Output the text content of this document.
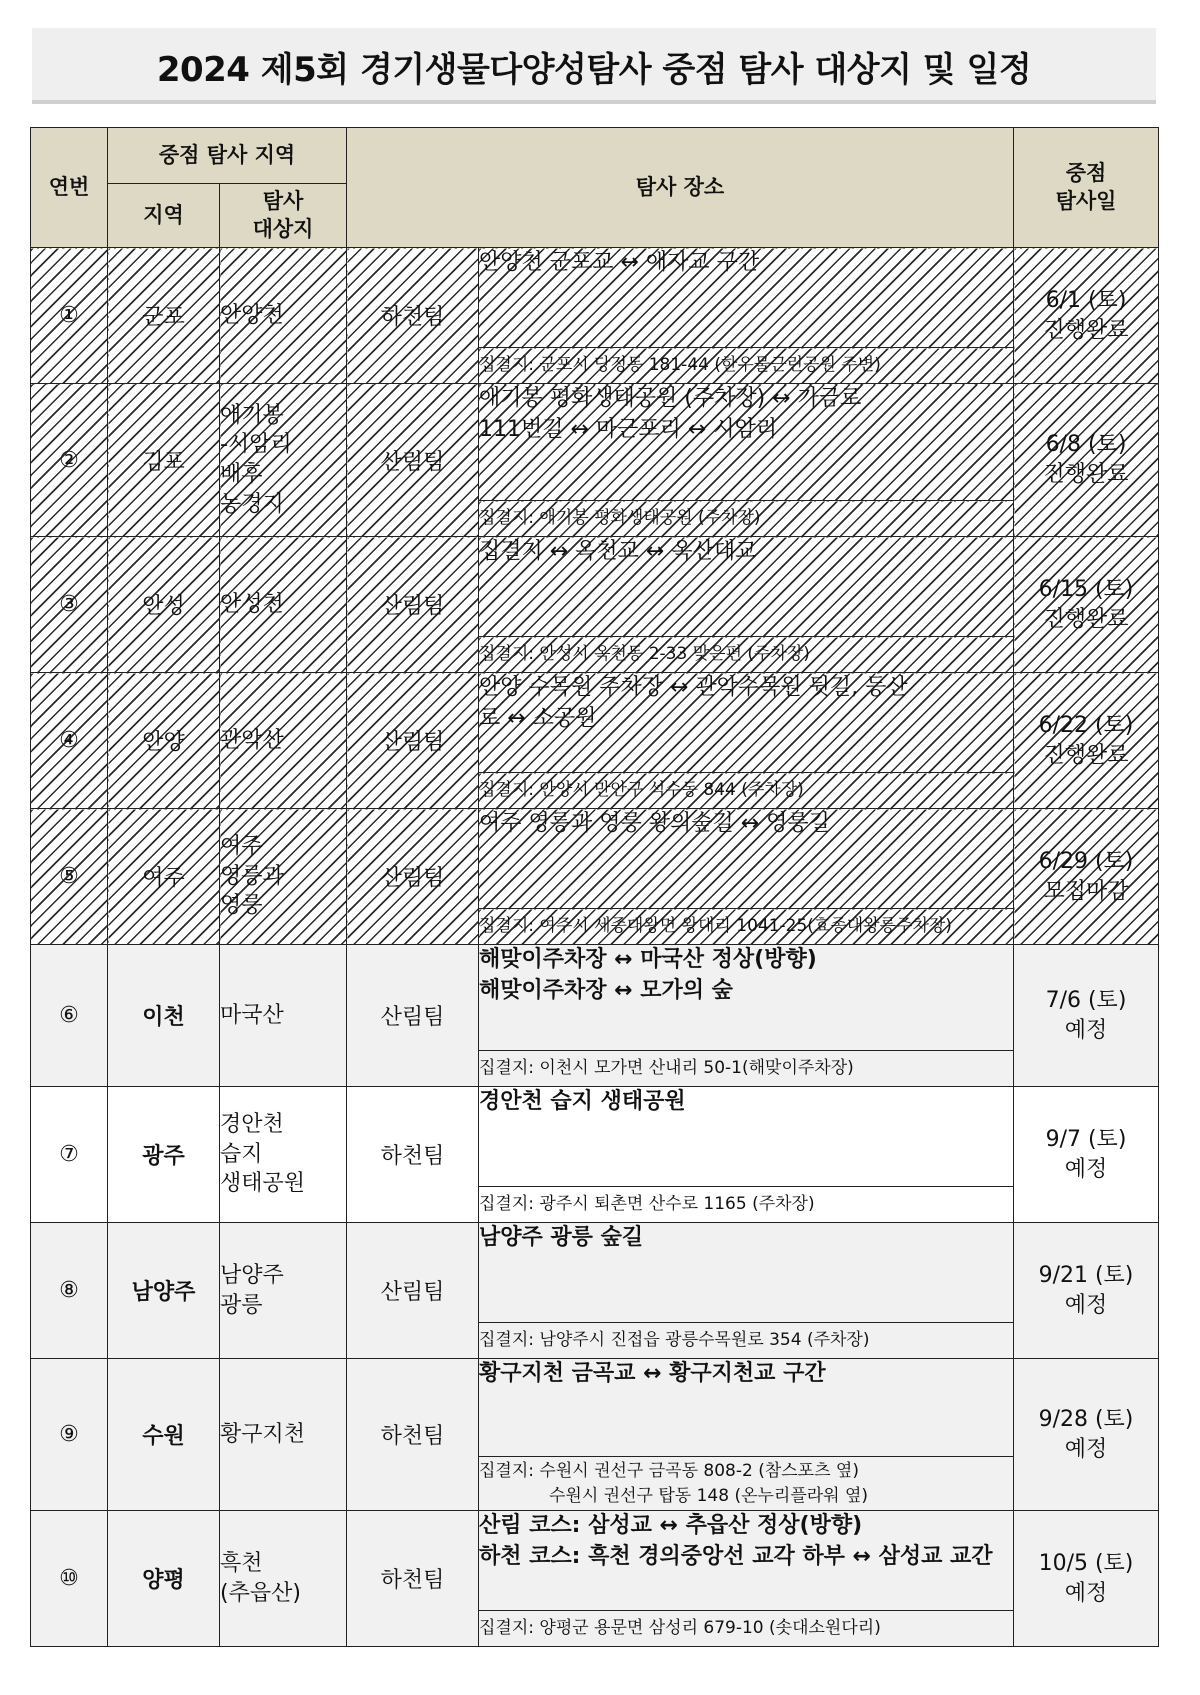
2024 제5회 경기생물다양성탐사 중점 탐사 대상지 및 일정
연번	중점 탐사 지역		탐사 장소		중점
탐사일
	지역	탐사
대상지			
①	군포	안양천	하천팀	안양천 군포교 ↔ 애자교 구간	6/1 (토)
진행완료

				집결지: 군포시 당정동 181-44 (한우물근린공원 주변)	

②	김포	애기봉
-시암리
배후
농경지	산림팀	애기봉 평화생태공원 (주차장) ↔ 가금로
111번길 ↔ 마근포리 ↔ 시암리	6/8 (토)
진행완료

				집결지: 애기봉 평화생태공원 (주차장)	

③	안성	안성천	산림팀	집결지 ↔ 옥천교 ↔ 옥산대교	6/15 (토)
진행완료

				집결지: 안성시 옥천동 2-33 맞은편 (주차장)	

④	안양	관악산	산림팀	안양 수목원 주차장 ↔ 관악수목원 뒷길, 등산
로 ↔ 소공원	6/22 (토)
진행완료

				집결지: 안양시 만안구 석수동 844 (주차장)	

⑤	여주	여주
영릉과
영릉	산림팀	여주 영릉과 영릉 왕의숲길 ↔ 영릉길	6/29 (토)
모집마감

				집결지: 여주시 세종대왕면 왕대리 1041-25(효종대왕릉주차장)	

⑥	이천	마국산	산림팀	해맞이주차장 ↔ 마국산 정상(방향)
해맞이주차장 ↔ 모가의 숲	7/6 (토)
예정

				집결지: 이천시 모가면 산내리 50-1(해맞이주차장)	

⑦	광주	경안천
습지
생태공원	하천팀	경안천 습지 생태공원	9/7 (토)
예정

				집결지: 광주시 퇴촌면 산수로 1165 (주차장)	

⑧	남양주	남양주
광릉	산림팀	남양주 광릉 숲길	9/21 (토)
예정

				집결지: 남양주시 진접읍 광릉수목원로 354 (주차장)	

⑨	수원	황구지천	하천팀	황구지천 금곡교 ↔ 황구지천교 구간	9/28 (토)
예정

				집결지: 수원시 권선구 금곡동 808-2 (참스포츠 옆)
수원시 권선구 탑동 148 (온누리플라워 옆)	

⑩	양평	흑천
(추읍산)	하천팀	산림 코스: 삼성교 ↔ 추읍산 정상(방향)
하천 코스: 흑천 경의중앙선 교각 하부 ↔ 삼성교 교간	10/5 (토)
예정

				집결지: 양평군 용문면 삼성리 679-10 (솟대소원다리)	
